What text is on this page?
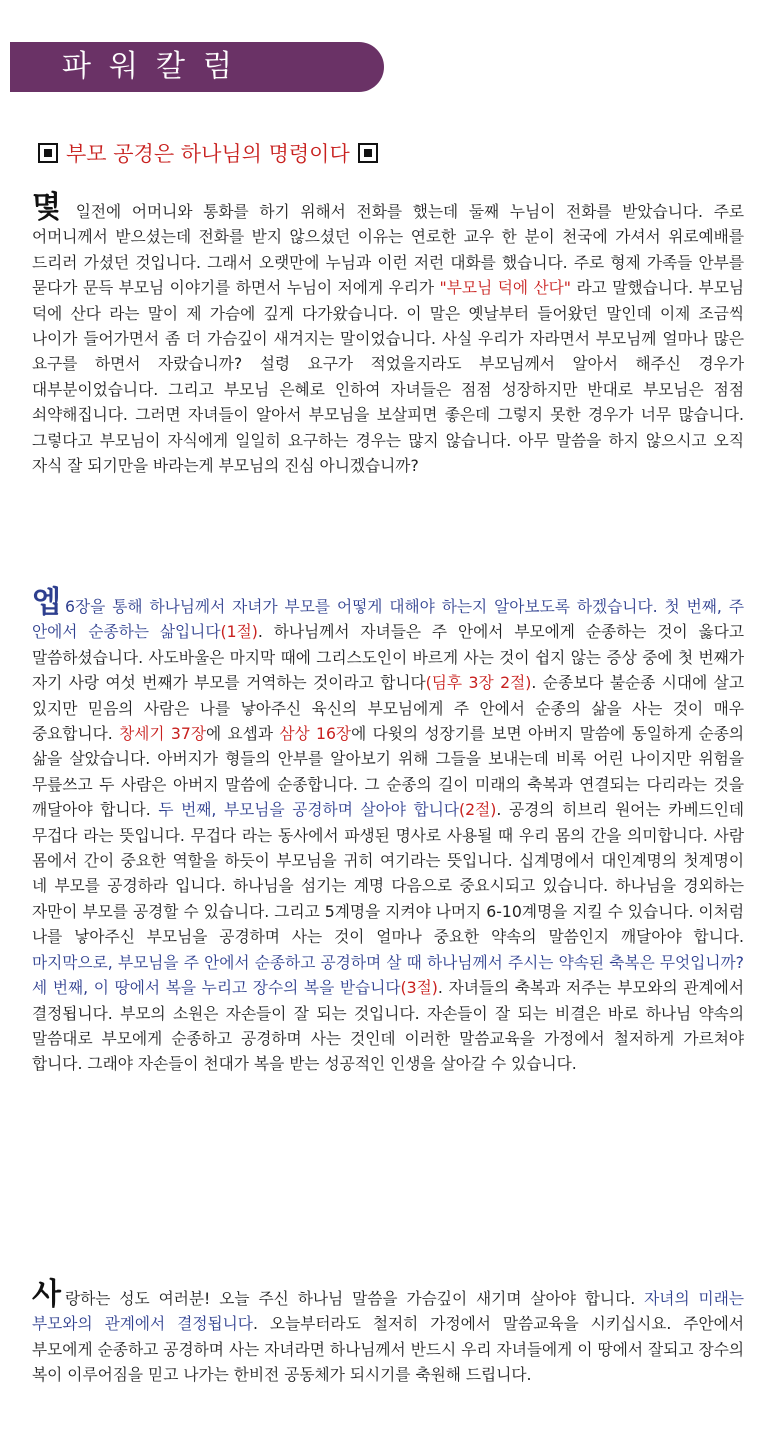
파워칼럼
부모 공경은 하나님의 명령이다

몇 일전에 어머니와 통화를 하기 위해서 전화를 했는데 둘째 누님이 전화를 받았습니다. 주로 어머니께서 받으셨는데 전화를 받지 않으셨던 이유는 연로한 교우 한 분이 천국에 가셔서 위로예배를 드리러 가셨던 것입니다. 그래서 오랫만에 누님과 이런 저런 대화를 했습니다. 주로 형제 가족들 안부를 묻다가 문득 부모님 이야기를 하면서 누님이 저에게 우리가 "부모님 덕에 산다" 라고 말했습니다. 부모님 덕에 산다 라는 말이 제 가슴에 깊게 다가왔습니다. 이 말은 옛날부터 들어왔던 말인데 이제 조금씩 나이가 들어가면서 좀 더 가슴깊이 새겨지는 말이었습니다. 사실 우리가 자라면서 부모님께 얼마나 많은 요구를 하면서 자랐습니까? 설령 요구가 적었을지라도 부모님께서 알아서 해주신 경우가 대부분이었습니다. 그리고 부모님 은혜로 인하여 자녀들은 점점 성장하지만 반대로 부모님은 점점 쇠약해집니다. 그러면 자녀들이 알아서 부모님을 보살피면 좋은데 그렇지 못한 경우가 너무 많습니다. 그렇다고 부모님이 자식에게 일일히 요구하는 경우는 많지 않습니다. 아무 말씀을 하지 않으시고 오직 자식 잘 되기만을 바라는게 부모님의 진심 아니겠습니까?

엡 6장을 통해 하나님께서 자녀가 부모를 어떻게 대해야 하는지 알아보도록 하겠습니다. 첫 번째, 주 안에서 순종하는 삶입니다(1절). 하나님께서 자녀들은 주 안에서 부모에게 순종하는 것이 옳다고 말씀하셨습니다. 사도바울은 마지막 때에 그리스도인이 바르게 사는 것이 쉽지 않는 증상 중에 첫 번째가 자기 사랑 여섯 번째가 부모를 거역하는 것이라고 합니다(딤후 3장 2절). 순종보다 불순종 시대에 살고 있지만 믿음의 사람은 나를 낳아주신 육신의 부모님에게 주 안에서 순종의 삶을 사는 것이 매우 중요합니다. 창세기 37장에 요셉과 삼상 16장에 다윗의 성장기를 보면 아버지 말씀에 동일하게 순종의 삶을 살았습니다. 아버지가 형들의 안부를 알아보기 위해 그들을 보내는데 비록 어린 나이지만 위험을 무릎쓰고 두 사람은 아버지 말씀에 순종합니다. 그 순종의 길이 미래의 축복과 연결되는 다리라는 것을 깨달아야 합니다. 두 번째, 부모님을 공경하며 살아야 합니다(2절). 공경의 히브리 원어는 카베드인데 무겁다 라는 뜻입니다. 무겁다 라는 동사에서 파생된 명사로 사용될 때 우리 몸의 간을 의미합니다. 사람 몸에서 간이 중요한 역할을 하듯이 부모님을 귀히 여기라는 뜻입니다. 십계명에서 대인계명의 첫계명이 네 부모를 공경하라 입니다. 하나님을 섬기는 계명 다음으로 중요시되고 있습니다. 하나님을 경외하는 자만이 부모를 공경할 수 있습니다. 그리고 5계명을 지켜야 나머지 6-10계명을 지킬 수 있습니다. 이처럼 나를 낳아주신 부모님을 공경하며 사는 것이 얼마나 중요한 약속의 말씀인지 깨달아야 합니다. 마지막으로, 부모님을 주 안에서 순종하고 공경하며 살 때 하나님께서 주시는 약속된 축복은 무엇입니까? 세 번째, 이 땅에서 복을 누리고 장수의 복을 받습니다(3절). 자녀들의 축복과 저주는 부모와의 관계에서 결정됩니다. 부모의 소원은 자손들이 잘 되는 것입니다. 자손들이 잘 되는 비결은 바로 하나님 약속의 말씀대로 부모에게 순종하고 공경하며 사는 것인데 이러한 말씀교육을 가정에서 철저하게 가르쳐야 합니다. 그래야 자손들이 천대가 복을 받는 성공적인 인생을 살아갈 수 있습니다.

사랑하는 성도 여러분! 오늘 주신 하나님 말씀을 가슴깊이 새기며 살아야 합니다. 자녀의 미래는 부모와의 관계에서 결정됩니다. 오늘부터라도 철저히 가정에서 말씀교육을 시키십시요. 주안에서 부모에게 순종하고 공경하며 사는 자녀라면 하나님께서 반드시 우리 자녀들에게 이 땅에서 잘되고 장수의 복이 이루어짐을 믿고 나가는 한비전 공동체가 되시기를 축원해 드립니다.
